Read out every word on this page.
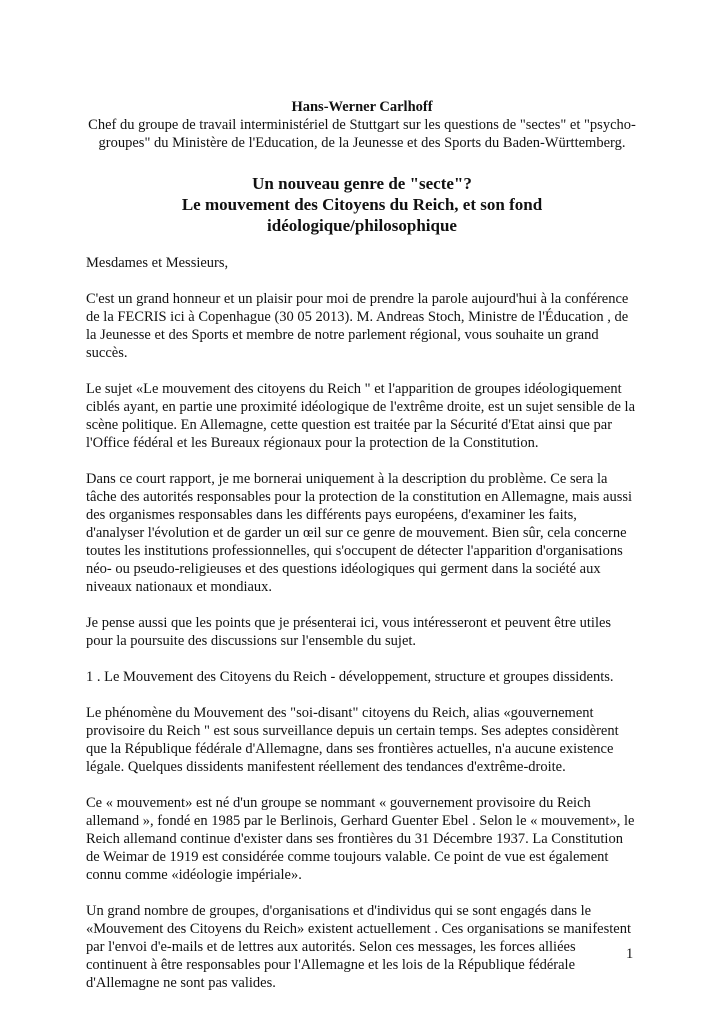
Hans-Werner Carlhoff

Chef du groupe de travail interministériel de Stuttgart sur les questions de "sectes" et "psycho-groupes" du Ministère de l'Education, de la Jeunesse et des Sports du Baden-Württemberg.

Un nouveau genre de "secte"?
Le mouvement des Citoyens du Reich, et son fond
idéologique/philosophique

Mesdames et Messieurs,

C'est un grand honneur et un plaisir pour moi de prendre la parole aujourd'hui à la conférence de la FECRIS ici à Copenhague (30 05 2013). M. Andreas Stoch, Ministre de l'Éducation , de la Jeunesse et des Sports et membre de notre parlement régional, vous souhaite un grand succès.

Le sujet «Le mouvement des citoyens du Reich " et l'apparition de groupes idéologiquement ciblés ayant, en partie une proximité idéologique de l'extrême droite, est un sujet sensible de la scène politique. En Allemagne, cette question est traitée par la Sécurité d'Etat ainsi que par l'Office fédéral et les Bureaux régionaux pour la protection de la Constitution.

Dans ce court rapport, je me bornerai uniquement à la description du problème. Ce sera la tâche des autorités responsables pour la protection de la constitution en Allemagne, mais aussi des organismes responsables dans les différents pays européens, d'examiner les faits, d'analyser l'évolution et de garder un œil sur ce genre de mouvement. Bien sûr, cela concerne toutes les institutions professionnelles, qui s'occupent de détecter l'apparition d'organisations néo- ou pseudo-religieuses et des questions idéologiques qui germent dans la société aux niveaux nationaux et mondiaux.

Je pense aussi que les points que je présenterai ici, vous intéresseront et peuvent être utiles pour la poursuite des discussions sur l'ensemble du sujet.

1 . Le Mouvement des Citoyens du Reich - développement, structure et groupes dissidents.

Le phénomène du Mouvement des "soi-disant" citoyens du Reich, alias «gouvernement provisoire du Reich " est sous surveillance depuis un certain temps. Ses adeptes considèrent que la République fédérale d'Allemagne, dans ses frontières actuelles, n'a aucune existence légale. Quelques dissidents manifestent réellement des tendances d'extrême-droite.

Ce « mouvement» est né d'un groupe se nommant « gouvernement provisoire du Reich allemand », fondé en 1985 par le Berlinois, Gerhard Guenter Ebel . Selon le « mouvement», le Reich allemand continue d'exister dans ses frontières du 31 Décembre 1937. La Constitution de Weimar de 1919 est considérée comme toujours valable. Ce point de vue est également connu comme «idéologie impériale».

Un grand nombre de groupes, d'organisations et d'individus qui se sont engagés dans le «Mouvement des Citoyens du Reich» existent actuellement . Ces organisations se manifestent par l'envoi d'e-mails et de lettres aux autorités. Selon ces messages, les forces alliées continuent à être responsables pour l'Allemagne et les lois de la République fédérale d'Allemagne ne sont pas valides.

1
